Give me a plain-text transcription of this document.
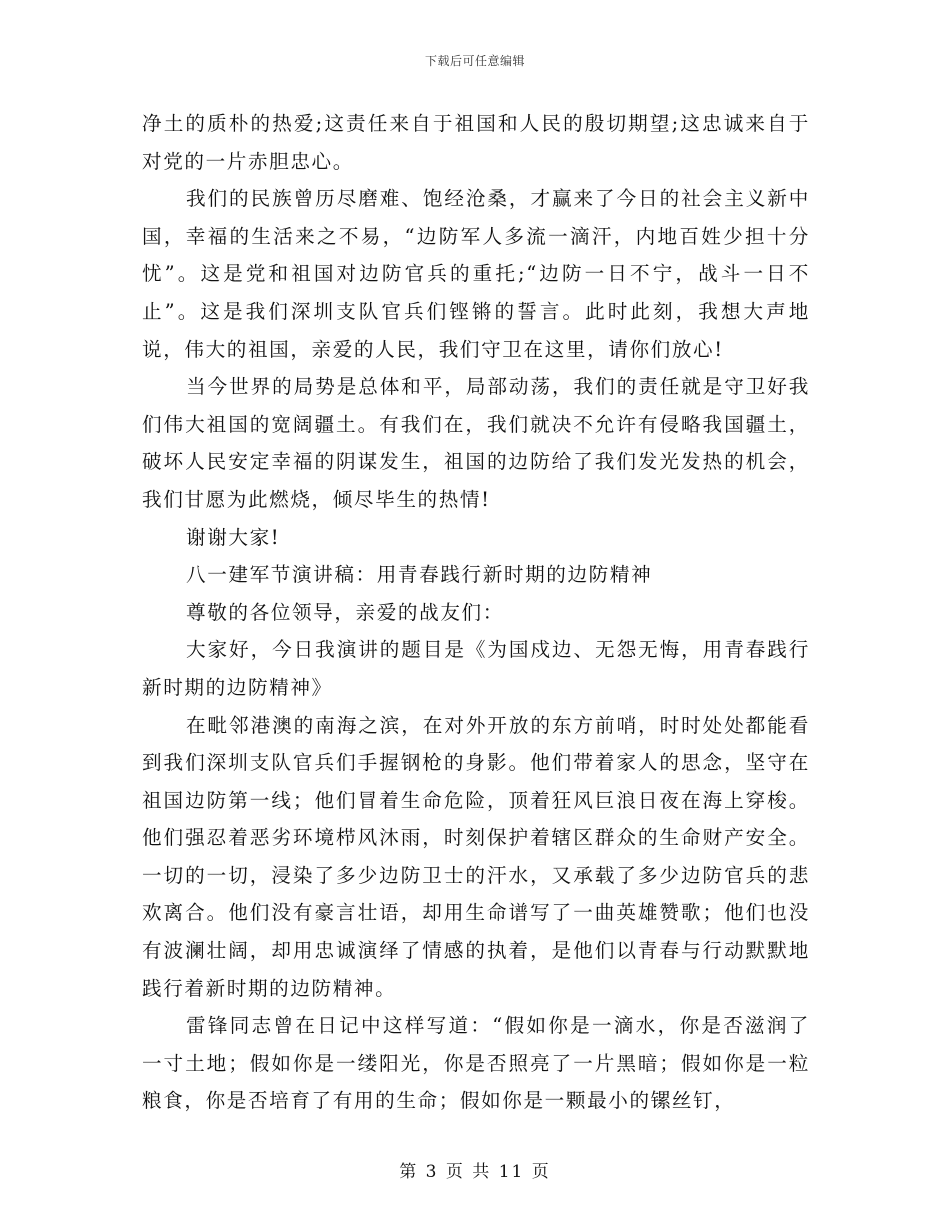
下载后可任意编辑

净土的质朴的热爱;这责任来自于祖国和人民的殷切期望;这忠诚来自于对党的一片赤胆忠心。

我们的民族曾历尽磨难、饱经沧桑，才赢来了今日的社会主义新中国，幸福的生活来之不易，“边防军人多流一滴汗，内地百姓少担十分忧”。这是党和祖国对边防官兵的重托;“边防一日不宁，战斗一日不止”。这是我们深圳支队官兵们铿锵的誓言。此时此刻，我想大声地说，伟大的祖国，亲爱的人民，我们守卫在这里，请你们放心!

当今世界的局势是总体和平，局部动荡，我们的责任就是守卫好我们伟大祖国的宽阔疆土。有我们在，我们就决不允许有侵略我国疆土，破坏人民安定幸福的阴谋发生，祖国的边防给了我们发光发热的机会，我们甘愿为此燃烧，倾尽毕生的热情!

谢谢大家!

八一建军节演讲稿：用青春践行新时期的边防精神

尊敬的各位领导，亲爱的战友们：

大家好，今日我演讲的题目是《为国戍边、无怨无悔，用青春践行新时期的边防精神》

在毗邻港澳的南海之滨，在对外开放的东方前哨，时时处处都能看到我们深圳支队官兵们手握钢枪的身影。他们带着家人的思念，坚守在祖国边防第一线；他们冒着生命危险，顶着狂风巨浪日夜在海上穿梭。他们强忍着恶劣环境栉风沐雨，时刻保护着辖区群众的生命财产安全。一切的一切，浸染了多少边防卫士的汗水，又承载了多少边防官兵的悲欢离合。他们没有豪言壮语，却用生命谱写了一曲英雄赞歌；他们也没有波澜壮阔，却用忠诚演绎了情感的执着，是他们以青春与行动默默地践行着新时期的边防精神。

雷锋同志曾在日记中这样写道：“假如你是一滴水，你是否滋润了一寸土地；假如你是一缕阳光，你是否照亮了一片黑暗；假如你是一粒粮食，你是否培育了有用的生命；假如你是一颗最小的镙丝钉，

第 3 页 共 11 页
